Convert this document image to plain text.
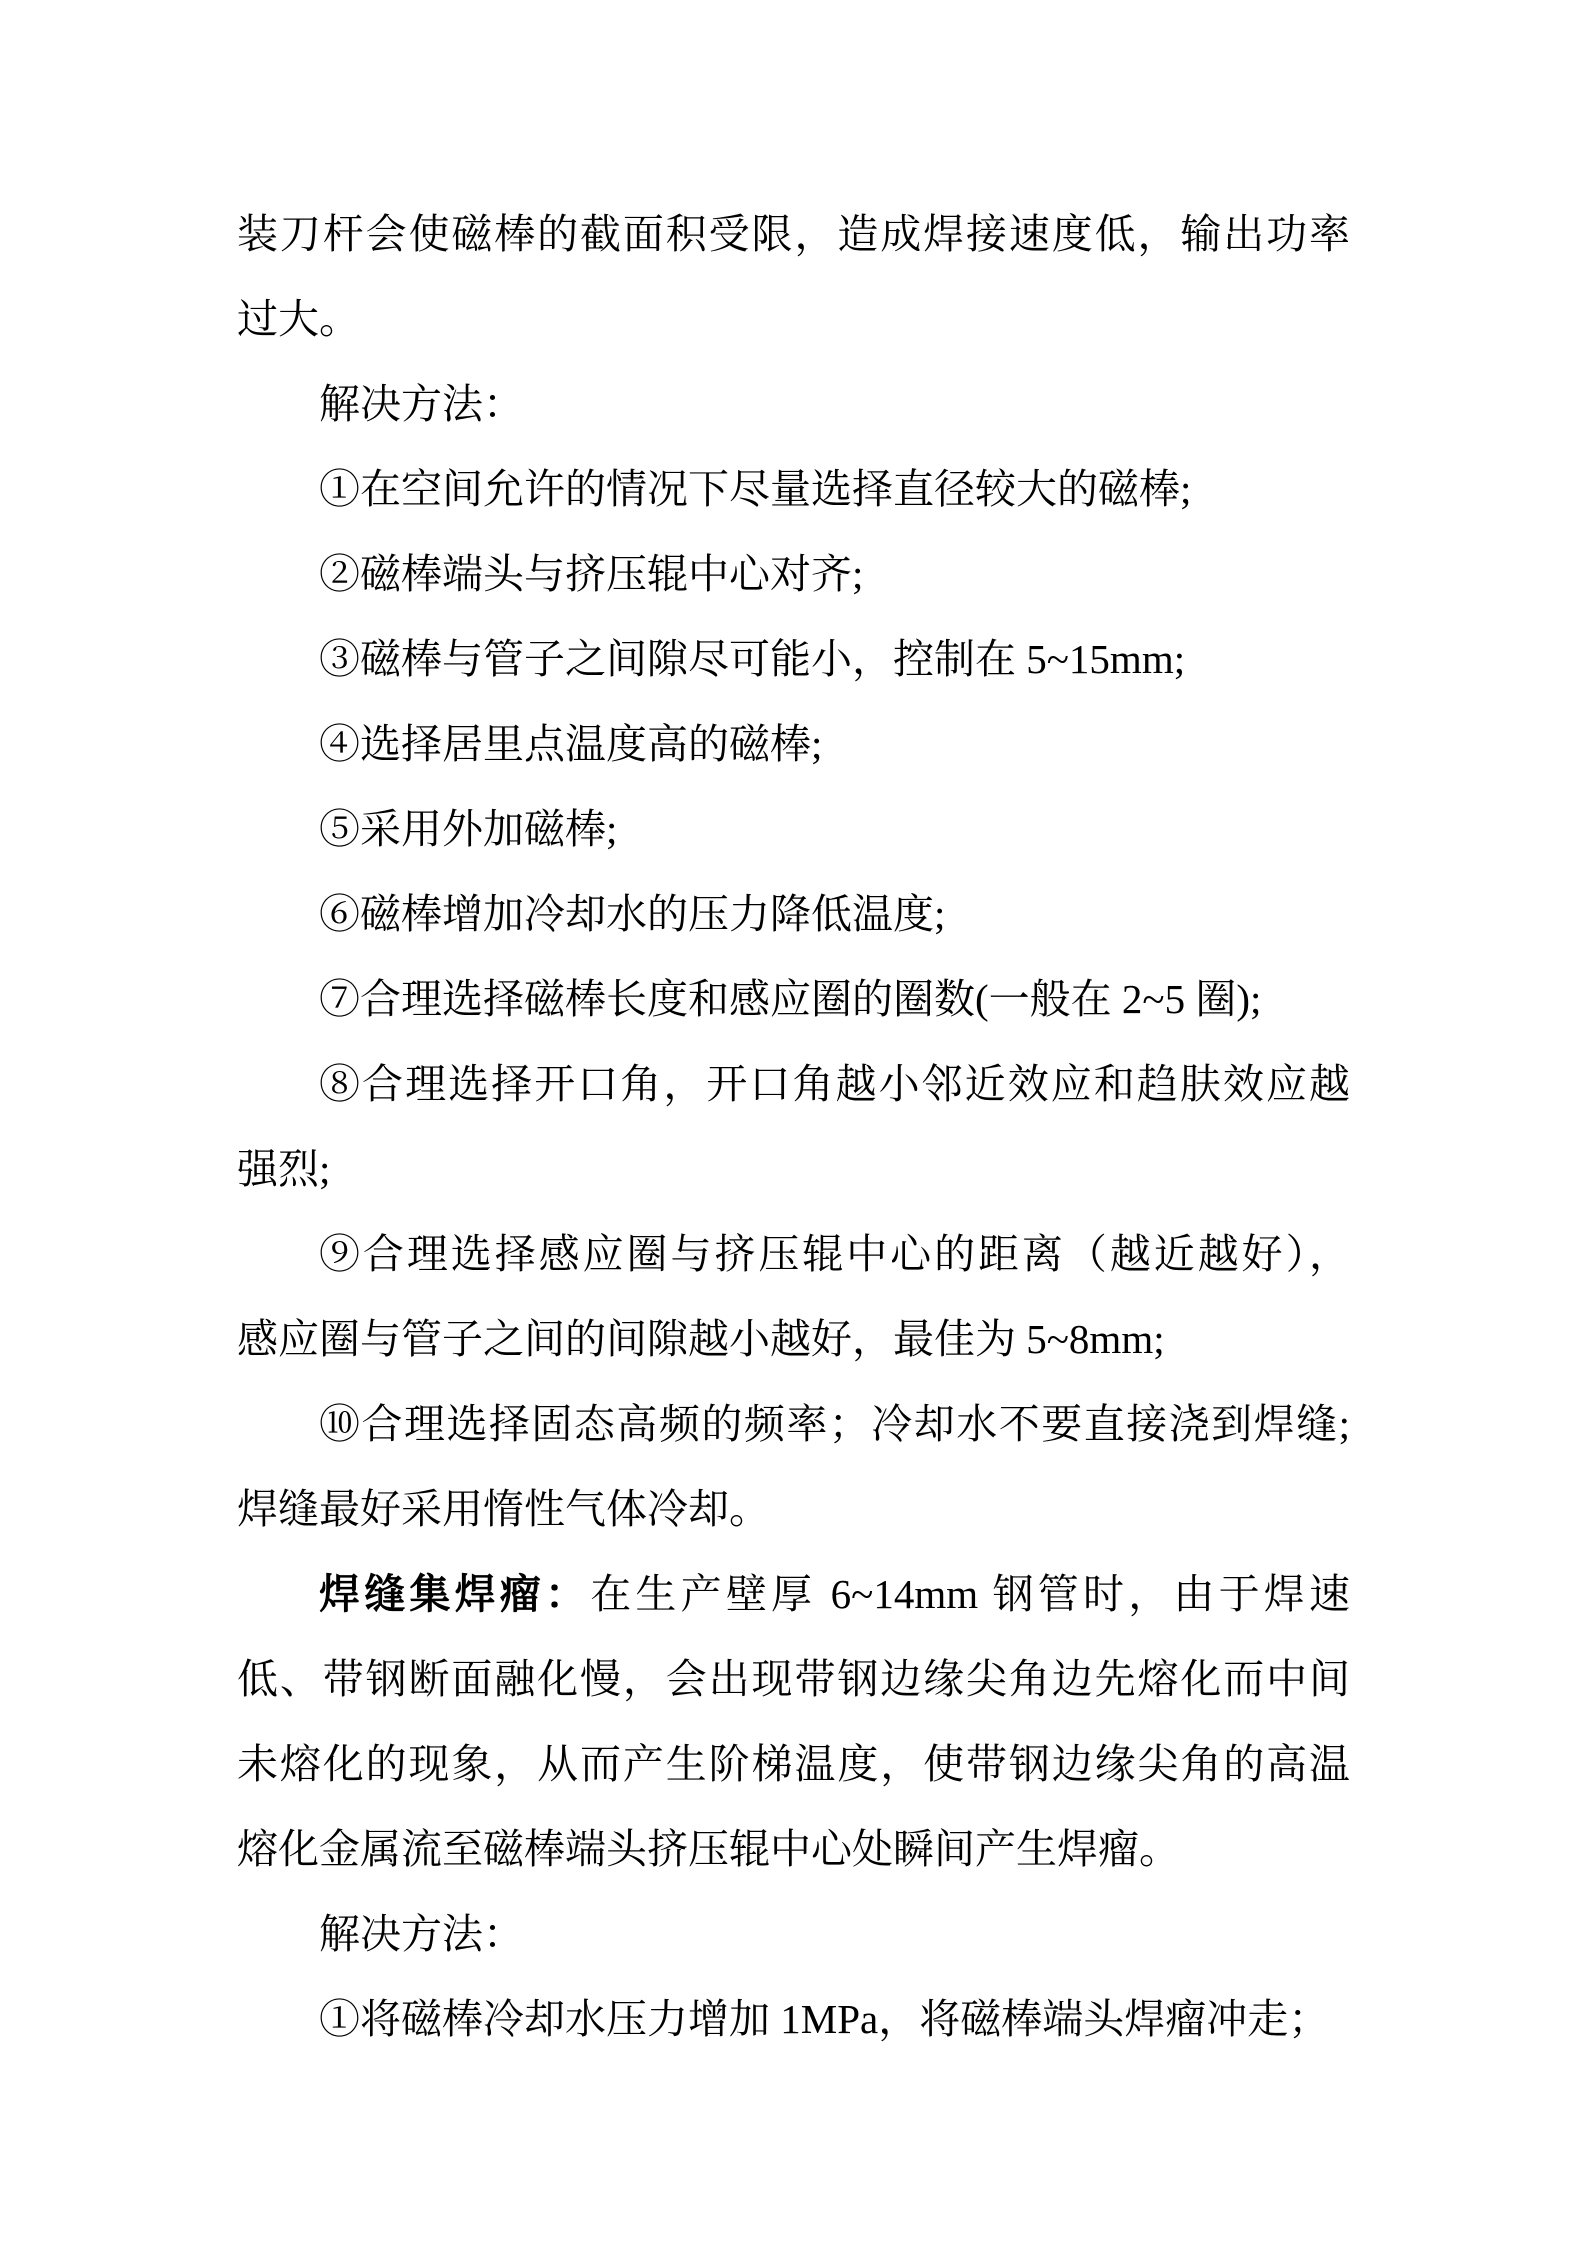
装刀杆会使磁棒的截面积受限，造成焊接速度低，输出功率
过大。
解决方法：
①在空间允许的情况下尽量选择直径较大的磁棒;
②磁棒端头与挤压辊中心对齐;
③磁棒与管子之间隙尽可能小，控制在 5~15mm;
④选择居里点温度高的磁棒;
⑤采用外加磁棒;
⑥磁棒增加冷却水的压力降低温度;
⑦合理选择磁棒长度和感应圈的圈数(一般在 2~5 圈);
⑧合理选择开口角，开口角越小邻近效应和趋肤效应越
强烈;
⑨合理选择感应圈与挤压辊中心的距离（越近越好），
感应圈与管子之间的间隙越小越好，最佳为 5~8mm;
⑩合理选择固态高频的频率；冷却水不要直接浇到焊缝;
焊缝最好采用惰性气体冷却。
焊缝集焊瘤：在生产壁厚 6~14mm 钢管时，由于焊速
低、带钢断面融化慢，会出现带钢边缘尖角边先熔化而中间
未熔化的现象，从而产生阶梯温度，使带钢边缘尖角的高温
熔化金属流至磁棒端头挤压辊中心处瞬间产生焊瘤。
解决方法：
①将磁棒冷却水压力增加 1MPa，将磁棒端头焊瘤冲走；
